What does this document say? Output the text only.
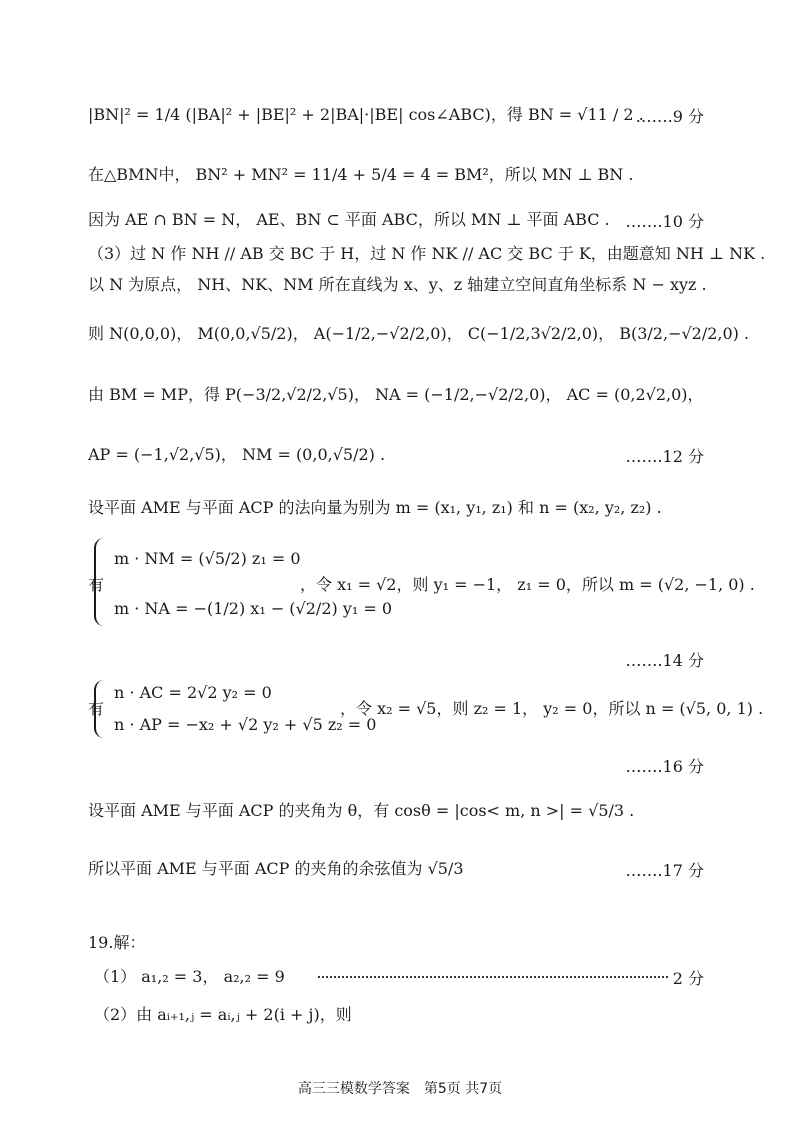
|BN|² = 1/4 (|BA|² + |BE|² + 2|BA|·|BE| cos∠ABC)，得 BN = √11 / 2 .
…….9 分
在△BMN中， BN² + MN² = 11/4 + 5/4 = 4 = BM²，所以 MN ⊥ BN .
因为 AE ∩ BN = N， AE、BN ⊂ 平面 ABC，所以 MN ⊥ 平面 ABC . …….10 分
（3）过 N 作 NH // AB 交 BC 于 H，过 N 作 NK // AC 交 BC 于 K，由题意知 NH ⊥ NK .
以 N 为原点， NH、NK、NM 所在直线为 x、y、z 轴建立空间直角坐标系 N − xyz .
则 N(0,0,0)， M(0,0,√5/2)， A(−1/2,−√2/2,0)， C(−1/2,3√2/2,0)， B(3/2,−√2/2,0) .
由 BM = MP，得 P(−3/2,√2/2,√5)， NA = (−1/2,−√2/2,0)， AC = (0,2√2,0)，
AP = (−1,√2,√5)， NM = (0,0,√5/2) .	…….12 分
设平面 AME 与平面 ACP 的法向量为别为 m = (x₁, y₁, z₁) 和 n = (x₂, y₂, z₂) .
有
m · NM = (√5/2) z₁ = 0
m · NA = −(1/2) x₁ − (√2/2) y₁ = 0
，令 x₁ = √2，则 y₁ = −1， z₁ = 0，所以 m = (√2, −1, 0) .
…….14 分
有
n · AC = 2√2 y₂ = 0
n · AP = −x₂ + √2 y₂ + √5 z₂ = 0
，令 x₂ = √5，则 z₂ = 1， y₂ = 0，所以 n = (√5, 0, 1) .
…….16 分
设平面 AME 与平面 ACP 的夹角为 θ，有 cosθ = |cos< m, n >| = √5/3 .
所以平面 AME 与平面 ACP 的夹角的余弦值为 √5/3	…….17 分
19.解：
（1） a₁,₂ = 3， a₂,₂ = 9	2 分
（2）由 aᵢ₊₁,ⱼ = aᵢ,ⱼ + 2(i + j)，则
高三三模数学答案　第5页 共7页
